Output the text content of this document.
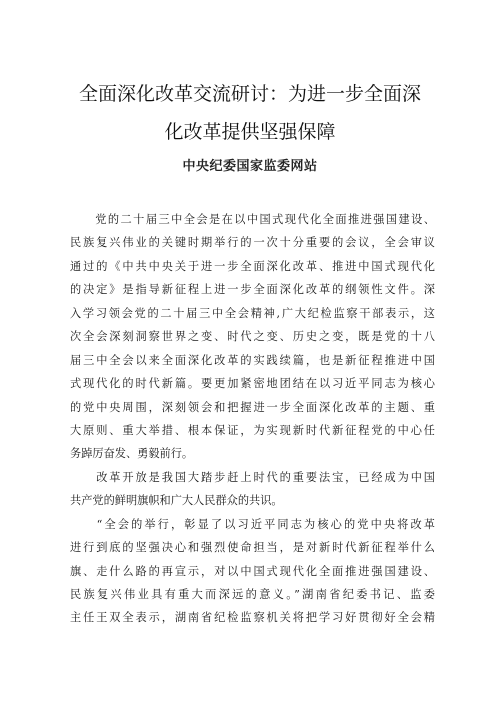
全面深化改革交流研讨：为进一步全面深
化改革提供坚强保障
中央纪委国家监委网站
　　党的二十届三中全会是在以中国式现代化全面推进强国建设、
民族复兴伟业的关键时期举行的一次十分重要的会议，全会审议
通过的《中共中央关于进一步全面深化改革、推进中国式现代化
的决定》是指导新征程上进一步全面深化改革的纲领性文件。深
入学习领会党的二十届三中全会精神,广大纪检监察干部表示，这
次全会深刻洞察世界之变、时代之变、历史之变，既是党的十八
届三中全会以来全面深化改革的实践续篇，也是新征程推进中国
式现代化的时代新篇。要更加紧密地团结在以习近平同志为核心
的党中央周围，深刻领会和把握进一步全面深化改革的主题、重
大原则、重大举措、根本保证，为实现新时代新征程党的中心任
务踔厉奋发、勇毅前行。
　　改革开放是我国大踏步赶上时代的重要法宝，已经成为中国
共产党的鲜明旗帜和广大人民群众的共识。
　　“全会的举行，彰显了以习近平同志为核心的党中央将改革
进行到底的坚强决心和强烈使命担当，是对新时代新征程举什么
旗、走什么路的再宣示，对以中国式现代化全面推进强国建设、
民族复兴伟业具有重大而深远的意义。”湖南省纪委书记、监委
主任王双全表示，湖南省纪检监察机关将把学习好贯彻好全会精
